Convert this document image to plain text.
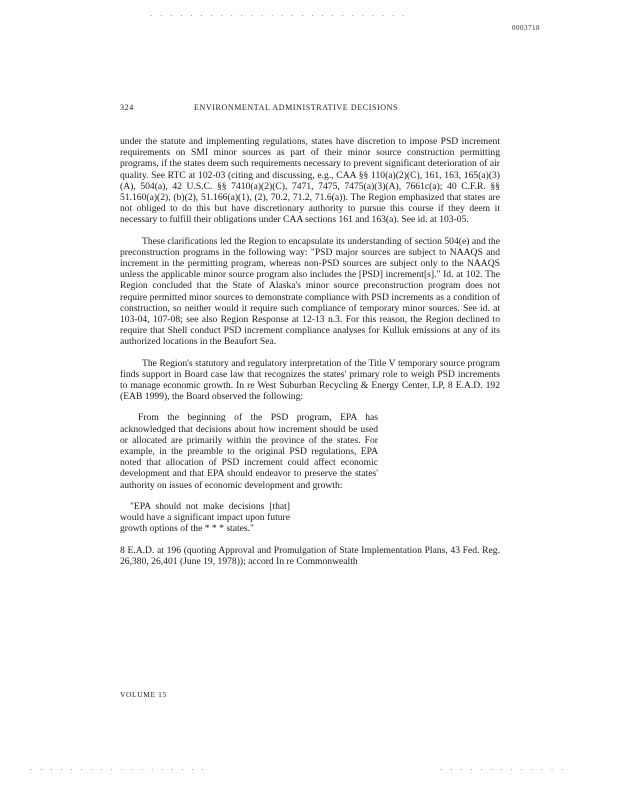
0003718
· · · · · · · · · · · · · · · · · · · · · · · · · ·
324	ENVIRONMENTAL ADMINISTRATIVE DECISIONS

under the statute and implementing regulations, states have discretion to impose PSD increment requirements on SMI minor sources as part of their minor source construction permitting programs, if the states deem such requirements necessary to prevent significant deterioration of air quality. See RTC at 102-03 (citing and discussing, e.g., CAA §§ 110(a)(2)(C), 161, 163, 165(a)(3)(A), 504(a), 42 U.S.C. §§ 7410(a)(2)(C), 7471, 7475, 7475(a)(3)(A), 7661c(a); 40 C.F.R. §§ 51.160(a)(2), (b)(2), 51.166(a)(1), (2), 70.2, 71.2, 71.6(a)). The Region emphasized that states are not obliged to do this but have discretionary authority to pursue this course if they deem it necessary to fulfill their obligations under CAA sections 161 and 163(a). See id. at 103-05.

These clarifications led the Region to encapsulate its understanding of section 504(e) and the preconstruction programs in the following way: "PSD major sources are subject to NAAQS and increment in the permitting program, whereas non-PSD sources are subject only to the NAAQS unless the applicable minor source program also includes the [PSD] increment[s]." Id. at 102. The Region concluded that the State of Alaska's minor source preconstruction program does not require permitted minor sources to demonstrate compliance with PSD increments as a condition of construction, so neither would it require such compliance of temporary minor sources. See id. at 103-04, 107-08; see also Region Response at 12-13 n.3. For this reason, the Region declined to require that Shell conduct PSD increment compliance analyses for Kulluk emissions at any of its authorized locations in the Beaufort Sea.

The Region's statutory and regulatory interpretation of the Title V temporary source program finds support in Board case law that recognizes the states' primary role to weigh PSD increments to manage economic growth. In re West Suburban Recycling & Energy Center, LP, 8 E.A.D. 192 (EAB 1999), the Board observed the following:

From the beginning of the PSD program, EPA has acknowledged that decisions about how increment should be used or allocated are primarily within the province of the states. For example, in the preamble to the original PSD regulations, EPA noted that allocation of PSD increment could affect economic development and that EPA should endeavor to preserve the states' authority on issues of economic development and growth:

"EPA should not make decisions [that] would have a significant impact upon future growth options of the * * * states."

8 E.A.D. at 196 (quoting Approval and Promulgation of State Implementation Plans, 43 Fed. Reg. 26,380, 26,401 (June 19, 1978)); accord In re Commonwealth

VOLUME 15
· · · · · · · · · · · · · · · · · ·	· · · · · · · · · · · · ·
